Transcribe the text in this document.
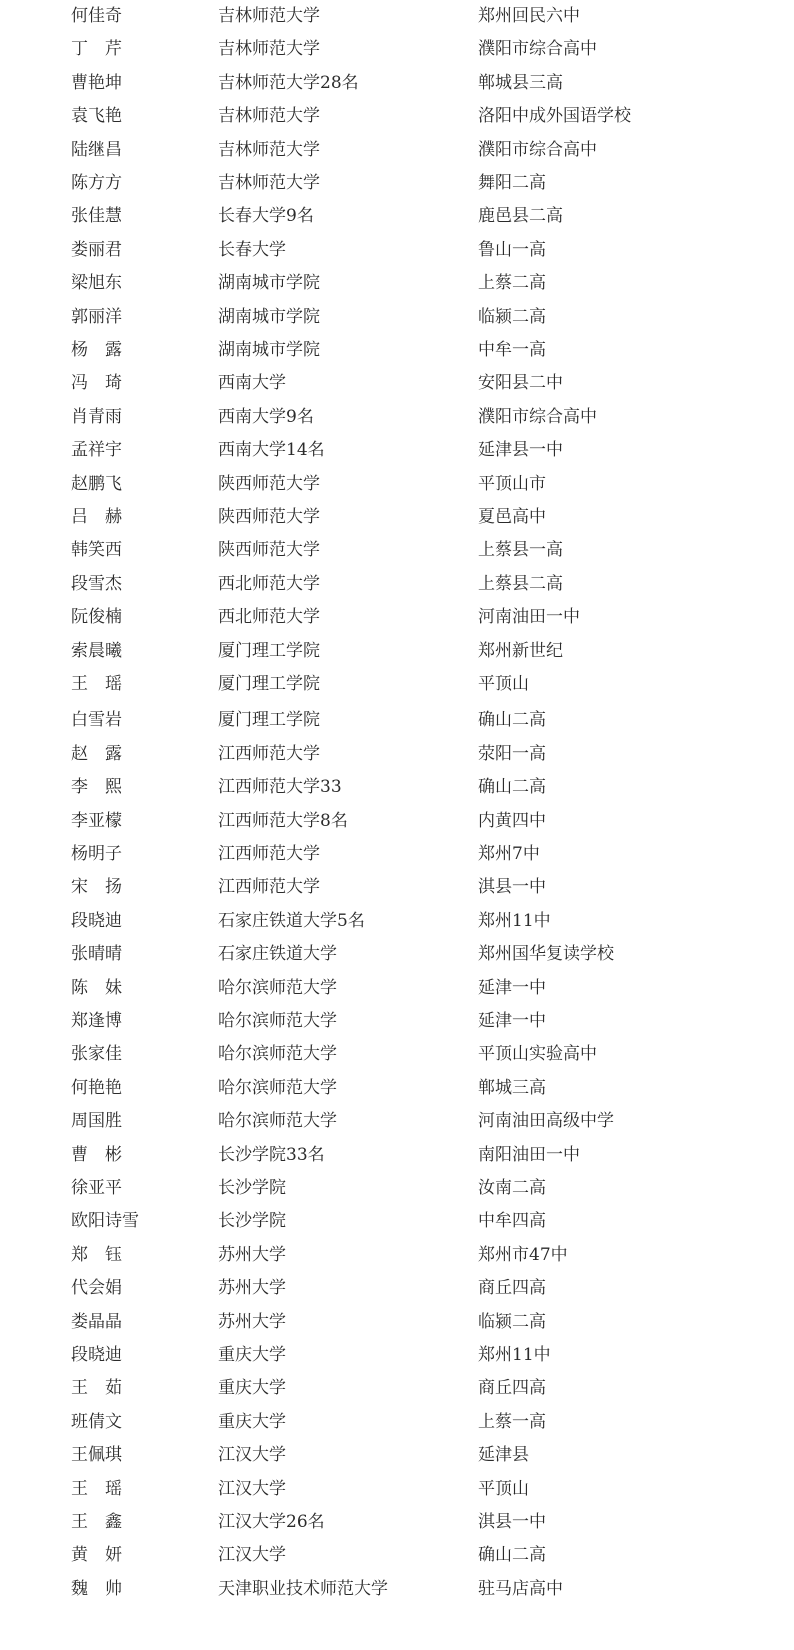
何佳奇	吉林师范大学	郑州回民六中
丁　芹	吉林师范大学	濮阳市综合高中
曹艳坤	吉林师范大学28名	郸城县三高
袁飞艳	吉林师范大学	洛阳中成外国语学校
陆继昌	吉林师范大学	濮阳市综合高中
陈方方	吉林师范大学	舞阳二高
张佳慧	长春大学9名	鹿邑县二高
娄丽君	长春大学	鲁山一高
梁旭东	湖南城市学院	上蔡二高
郭丽洋	湖南城市学院	临颍二高
杨　露	湖南城市学院	中牟一高
冯　琦	西南大学	安阳县二中
肖青雨	西南大学9名	濮阳市综合高中
孟祥宇	西南大学14名	延津县一中
赵鹏飞	陕西师范大学	平顶山市
吕　赫	陕西师范大学	夏邑高中
韩笑西	陕西师范大学	上蔡县一高
段雪杰	西北师范大学	上蔡县二高
阮俊楠	西北师范大学	河南油田一中
索晨曦	厦门理工学院	郑州新世纪
王　瑶	厦门理工学院	平顶山
白雪岩	厦门理工学院	确山二高
赵　露	江西师范大学	荥阳一高
李　熙	江西师范大学33	确山二高
李亚檬	江西师范大学8名	内黄四中
杨明子	江西师范大学	郑州7中
宋　扬	江西师范大学	淇县一中
段晓迪	石家庄铁道大学5名	郑州11中
张晴晴	石家庄铁道大学	郑州国华复读学校
陈　妹	哈尔滨师范大学	延津一中
郑逢博	哈尔滨师范大学	延津一中
张家佳	哈尔滨师范大学	平顶山实验高中
何艳艳	哈尔滨师范大学	郸城三高
周国胜	哈尔滨师范大学	河南油田高级中学
曹　彬	长沙学院33名	南阳油田一中
徐亚平	长沙学院	汝南二高
欧阳诗雪	长沙学院	中牟四高
郑　钰	苏州大学	郑州市47中
代会娟	苏州大学	商丘四高
娄晶晶	苏州大学	临颍二高
段晓迪	重庆大学	郑州11中
王　茹	重庆大学	商丘四高
班倩文	重庆大学	上蔡一高
王佩琪	江汉大学	延津县
王　瑶	江汉大学	平顶山
王　鑫	江汉大学26名	淇县一中
黄　妍	江汉大学	确山二高
魏　帅	天津职业技术师范大学	驻马店高中
